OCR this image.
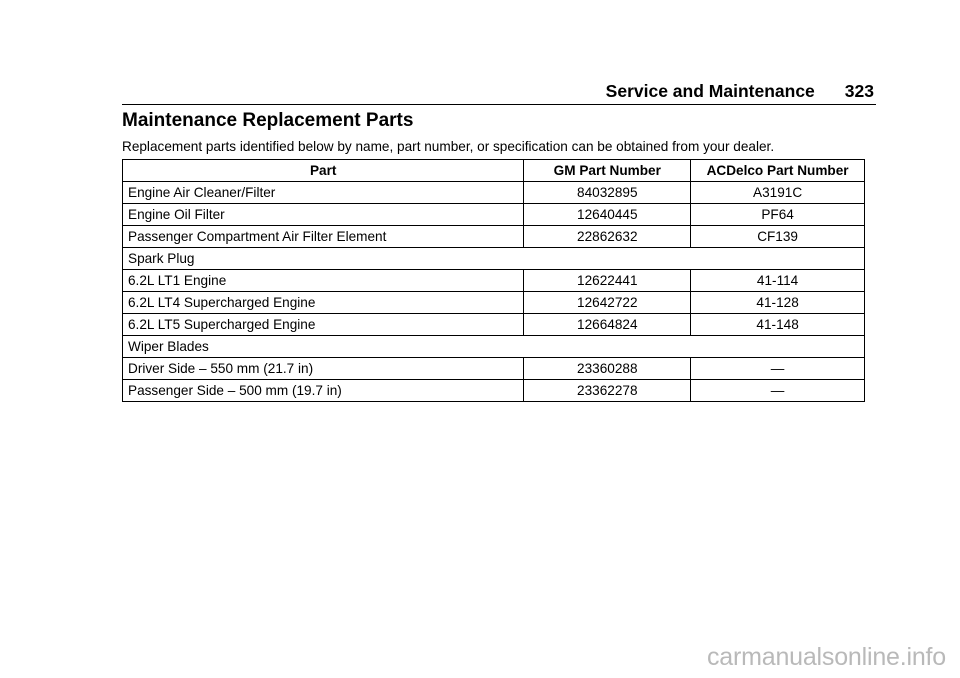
Service and Maintenance 323
Maintenance Replacement Parts

Replacement parts identified below by name, part number, or specification can be obtained from your dealer.

Part	GM Part Number	ACDelco Part Number
Engine Air Cleaner/Filter	84032895	A3191C
Engine Oil Filter	12640445	PF64
Passenger Compartment Air Filter Element	22862632	CF139
Spark Plug		
6.2L LT1 Engine	12622441	41-114
6.2L LT4 Supercharged Engine	12642722	41-128
6.2L LT5 Supercharged Engine	12664824	41-148
Wiper Blades		
Driver Side – 550 mm (21.7 in)	23360288	—
Passenger Side – 500 mm (19.7 in)	23362278	—
carmanualsonline.info
